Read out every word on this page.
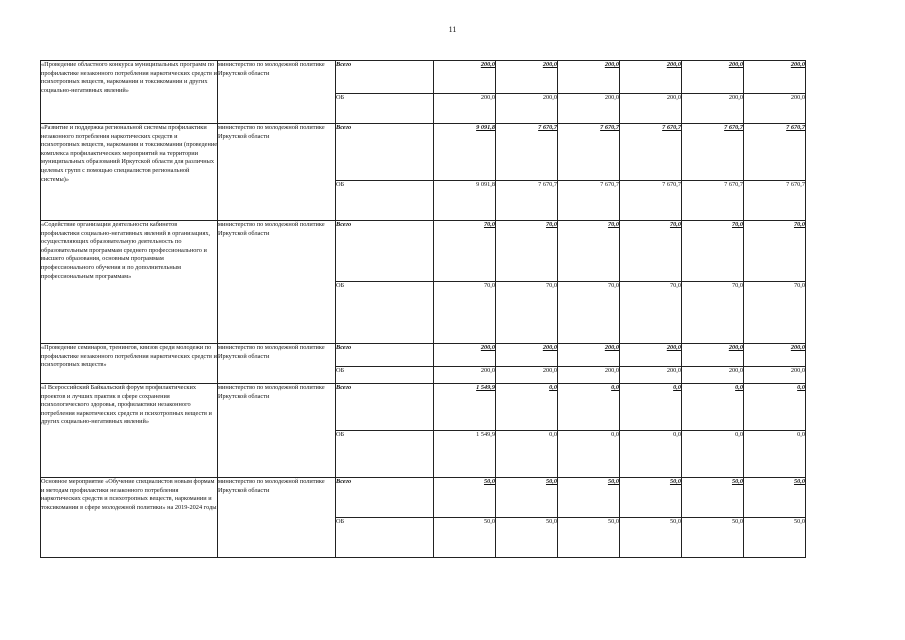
11
«Проведение областного конкурса муниципальных программ по профилактике незаконного потребления наркотических средств и психотропных веществ, наркомании и токсикомании и других социально-негативных явлений»	министерство по молодежной политике Иркутской области	Всего	200,0	200,0	200,0	200,0	200,0	200,0
		ОБ	200,0	200,0	200,0	200,0	200,0	200,0
«Развитие и поддержка региональной системы профилактики незаконного потребления наркотических средств и психотропных веществ, наркомании и токсикомании (проведение комплекса профилактических мероприятий на территории муниципальных образований Иркутской области для различных целевых групп с помощью специалистов региональной системы)»	министерство по молодежной политике Иркутской области	Всего	9 091,8	7 670,7	7 670,7	7 670,7	7 670,7	7 670,7
		ОБ	9 091,8	7 670,7	7 670,7	7 670,7	7 670,7	7 670,7
«Содействие организации деятельности кабинетов профилактики социально-негативных явлений в организациях, осуществляющих образовательную деятельность по образовательным программам среднего профессионального и высшего образования, основным программам профессионального обучения и по дополнительным профессиональным программам»	министерство по молодежной политике Иркутской области	Всего	70,0	70,0	70,0	70,0	70,0	70,0
		ОБ	70,0	70,0	70,0	70,0	70,0	70,0
«Проведение семинаров, тренингов, квизов среди молодежи по профилактике незаконного потребления наркотических средств и психотропных веществ»	министерство по молодежной политике Иркутской области	Всего	200,0	200,0	200,0	200,0	200,0	200,0
		ОБ	200,0	200,0	200,0	200,0	200,0	200,0
«I Всероссийский Байкальский форум профилактических проектов и лучших практик в сфере сохранения психологического здоровья, профилактики незаконного потребления наркотических средств и психотропных веществ и других социально-негативных явлений»	министерство по молодежной политике Иркутской области	Всего	1 549,9	0,0	0,0	0,0	0,0	0,0
		ОБ	1 549,9	0,0	0,0	0,0	0,0	0,0
Основное мероприятие «Обучение специалистов новым формам и методам профилактики незаконного потребления наркотических средств и психотропных веществ, наркомании и токсикомании в сфере молодежной политики» на 2019-2024 годы	министерство по молодежной политике Иркутской области	Всего	50,0	50,0	50,0	50,0	50,0	50,0
		ОБ	50,0	50,0	50,0	50,0	50,0	50,0
